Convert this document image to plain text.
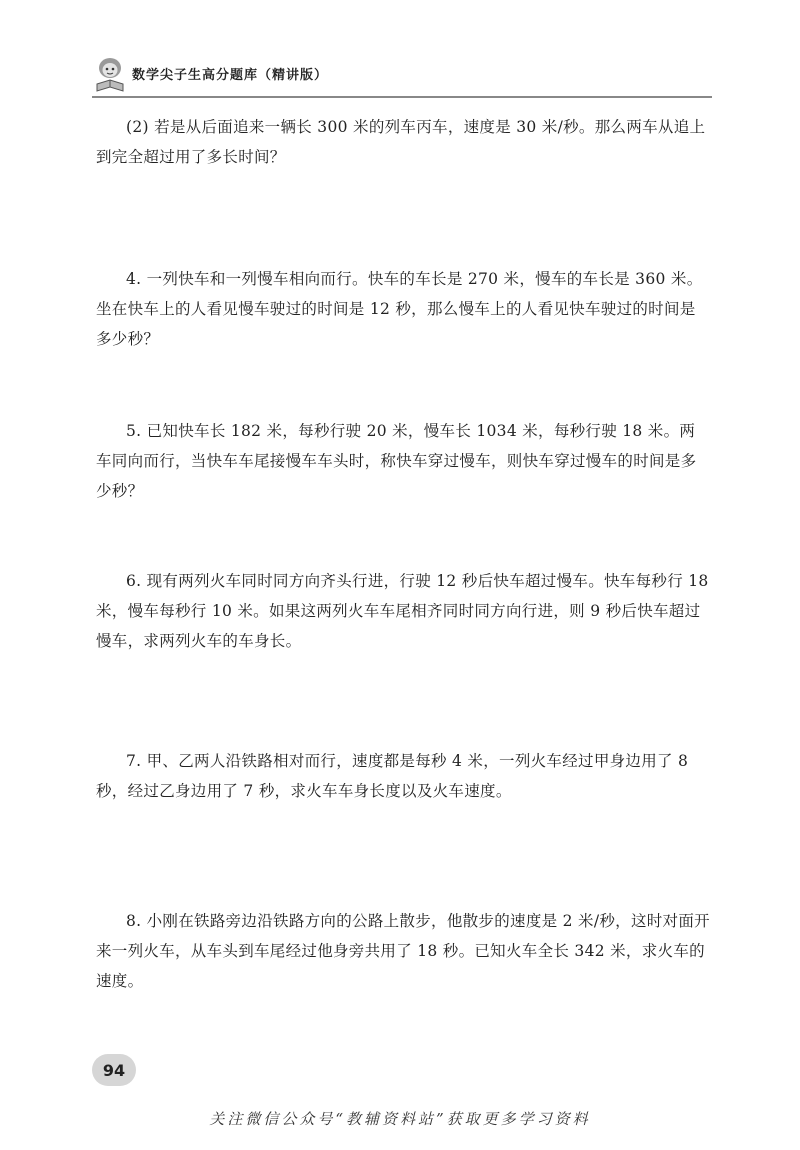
数学尖子生高分题库（精讲版）
(2) 若是从后面追来一辆长 300 米的列车丙车，速度是 30 米/秒。那么两车从追上到完全超过用了多长时间？
4. 一列快车和一列慢车相向而行。快车的车长是 270 米，慢车的车长是 360 米。坐在快车上的人看见慢车驶过的时间是 12 秒，那么慢车上的人看见快车驶过的时间是多少秒？
5. 已知快车长 182 米，每秒行驶 20 米，慢车长 1034 米，每秒行驶 18 米。两车同向而行，当快车车尾接慢车车头时，称快车穿过慢车，则快车穿过慢车的时间是多少秒？
6. 现有两列火车同时同方向齐头行进，行驶 12 秒后快车超过慢车。快车每秒行 18 米，慢车每秒行 10 米。如果这两列火车车尾相齐同时同方向行进，则 9 秒后快车超过慢车，求两列火车的车身长。
7. 甲、乙两人沿铁路相对而行，速度都是每秒 4 米，一列火车经过甲身边用了 8 秒，经过乙身边用了 7 秒，求火车车身长度以及火车速度。
8. 小刚在铁路旁边沿铁路方向的公路上散步，他散步的速度是 2 米/秒，这时对面开来一列火车，从车头到车尾经过他身旁共用了 18 秒。已知火车全长 342 米，求火车的速度。
94
关注微信公众号“教辅资料站”获取更多学习资料
